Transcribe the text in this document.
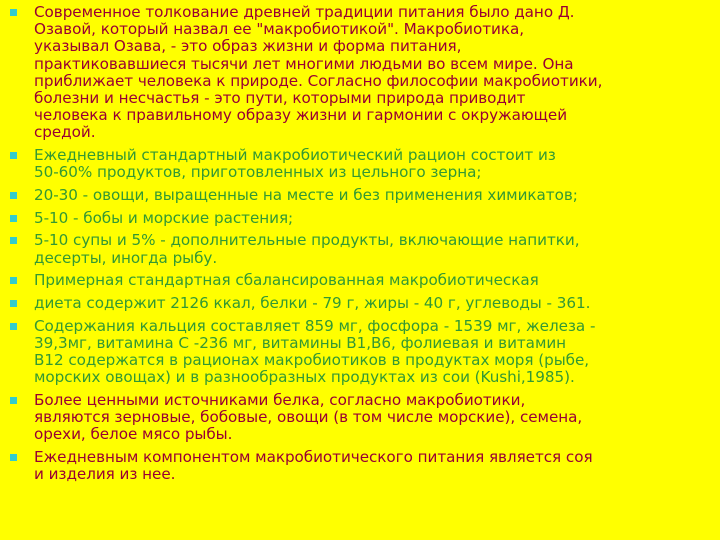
Современное толкование древней традиции питания было дано Д.
Озавой, который назвал ее "макробиотикой". Макробиотика,
указывал Озава, - это образ жизни и форма питания,
практиковавшиеся тысячи лет многими людьми во всем мире. Она
приближает человека к природе. Согласно философии макробиотики,
болезни и несчастья - это пути, которыми природа приводит
человека к правильному образу жизни и гармонии с окружающей
средой.
Ежедневный стандартный макробиотический рацион состоит из
50-60% продуктов, приготовленных из цельного зерна;
20-30 - овощи, выращенные на месте и без применения химикатов;
5-10 - бобы и морские растения;
5-10 супы и 5% - дополнительные продукты, включающие напитки,
десерты, иногда рыбу.
Примерная стандартная сбалансированная макробиотическая
диета содержит 2126 ккал, белки - 79 г, жиры - 40 г, углеводы - 361.
Содержания кальция составляет 859 мг, фосфора - 1539 мг, железа -
39,3мг, витамина С -236 мг, витамины В1,В6, фолиевая и витамин
В12 содержатся в рационах макробиотиков в продуктах моря (рыбе,
морских овощах) и в разнообразных продуктах из сои (Kushi,1985).
Более ценными источниками белка, согласно макробиотики,
являются зерновые, бобовые, овощи (в том числе морские), семена,
орехи, белое мясо рыбы.
Ежедневным компонентом макробиотического питания является соя
и изделия из нее.
